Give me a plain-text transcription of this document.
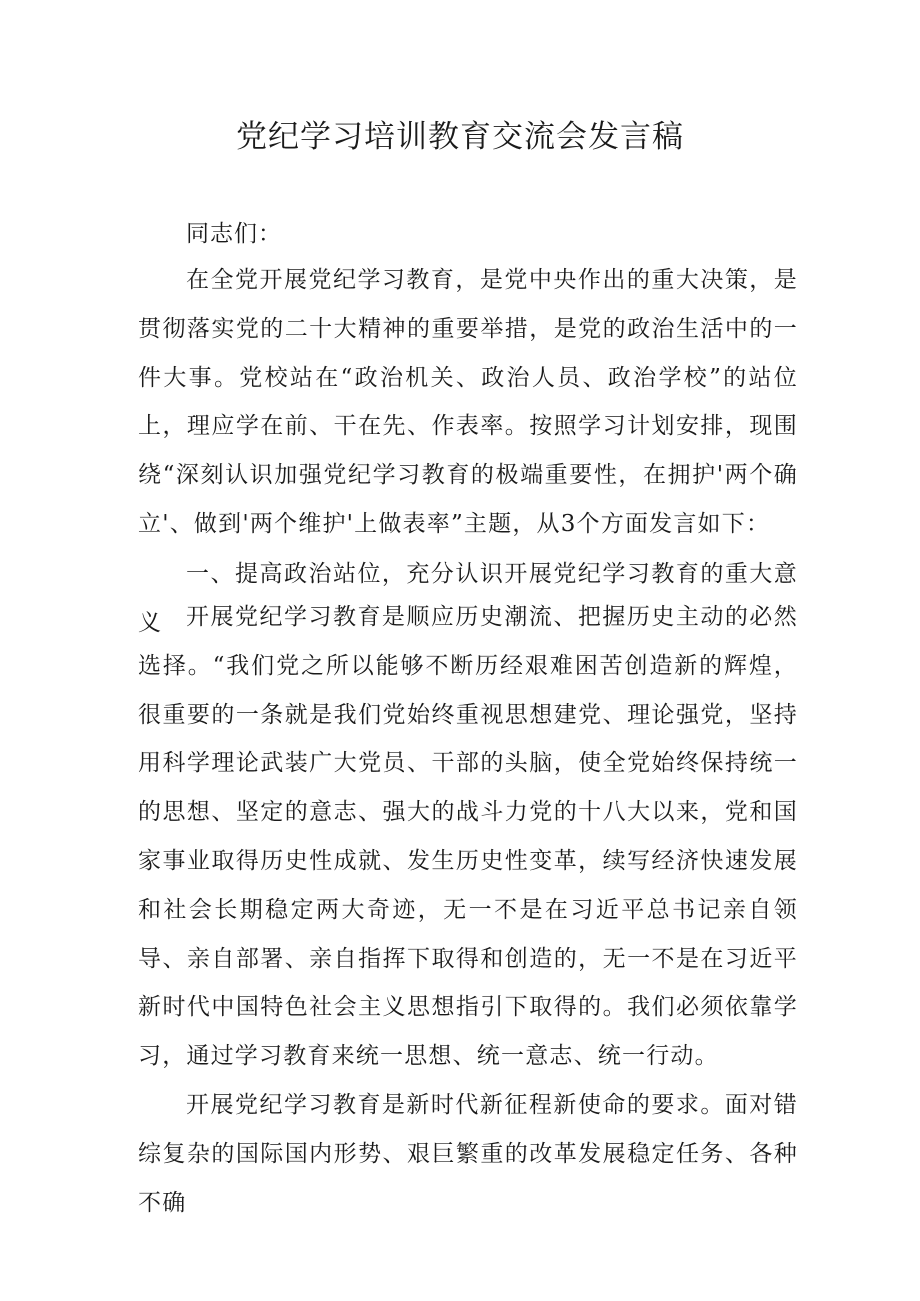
党纪学习培训教育交流会发言稿

同志们：

在全党开展党纪学习教育，是党中央作出的重大决策，是贯彻落实党的二十大精神的重要举措，是党的政治生活中的一件大事。党校站在“政治机关、政治人员、政治学校”的站位上，理应学在前、干在先、作表率。按照学习计划安排，现围绕“深刻认识加强党纪学习教育的极端重要性，在拥护'两个确立'、做到'两个维护'上做表率”主题，从3个方面发言如下：

一、提高政治站位，充分认识开展党纪学习教育的重大意义	开展党纪学习教育是顺应历史潮流、把握历史主动的必然选择。“我们党之所以能够不断历经艰难困苦创造新的辉煌，很重要的一条就是我们党始终重视思想建党、理论强党，坚持用科学理论武装广大党员、干部的头脑，使全党始终保持统一的思想、坚定的意志、强大的战斗力党的十八大以来，党和国家事业取得历史性成就、发生历史性变革，续写经济快速发展和社会长期稳定两大奇迹，无一不是在习近平总书记亲自领导、亲自部署、亲自指挥下取得和创造的，无一不是在习近平新时代中国特色社会主义思想指引下取得的。我们必须依靠学习，通过学习教育来统一思想、统一意志、统一行动。

开展党纪学习教育是新时代新征程新使命的要求。面对错综复杂的国际国内形势、艰巨繁重的改革发展稳定任务、各种不确
